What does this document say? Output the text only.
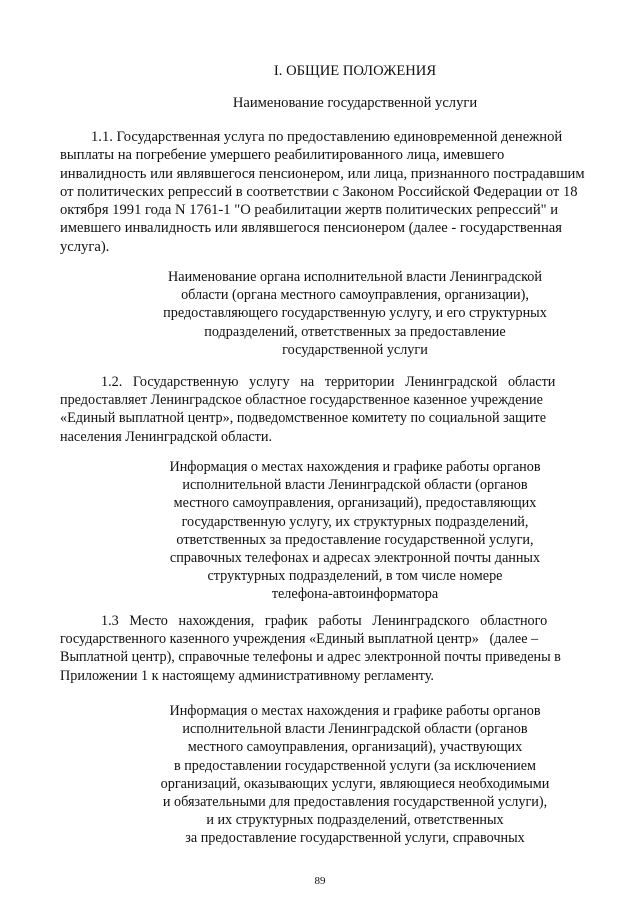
I. ОБЩИЕ ПОЛОЖЕНИЯ
Наименование государственной услуги
1.1. Государственная услуга по предоставлению единовременной денежной
выплаты на погребение умершего реабилитированного лица, имевшего
инвалидность или являвшегося пенсионером, или лица, признанного пострадавшим
от политических репрессий в соответствии с Законом Российской Федерации от 18
октября 1991 года N 1761-1 "О реабилитации жертв политических репрессий" и
имевшего инвалидность или являвшегося пенсионером (далее - государственная
услуга).
Наименование органа исполнительной власти Ленинградской
области (органа местного самоуправления, организации),
предоставляющего государственную услугу, и его структурных
подразделений, ответственных за предоставление
государственной услуги
1.2.   Государственную   услугу   на   территории   Ленинградской   области
предоставляет Ленинградское областное государственное казенное учреждение
«Единый выплатной центр», подведомственное комитету по социальной защите
населения Ленинградской области.
Информация о местах нахождения и графике работы органов
исполнительной власти Ленинградской области (органов
местного самоуправления, организаций), предоставляющих
государственную услугу, их структурных подразделений,
ответственных за предоставление государственной услуги,
справочных телефонах и адресах электронной почты данных
структурных подразделений, в том числе номере
телефона-автоинформатора
1.3   Место   нахождения,   график   работы   Ленинградского   областного
государственного казенного учреждения «Единый выплатной центр»   (далее –
Выплатной центр), справочные телефоны и адрес электронной почты приведены в
Приложении 1 к настоящему административному регламенту.
Информация о местах нахождения и графике работы органов
исполнительной власти Ленинградской области (органов
местного самоуправления, организаций), участвующих
в предоставлении государственной услуги (за исключением
организаций, оказывающих услуги, являющиеся необходимыми
и обязательными для предоставления государственной услуги),
и их структурных подразделений, ответственных
за предоставление государственной услуги, справочных
89
